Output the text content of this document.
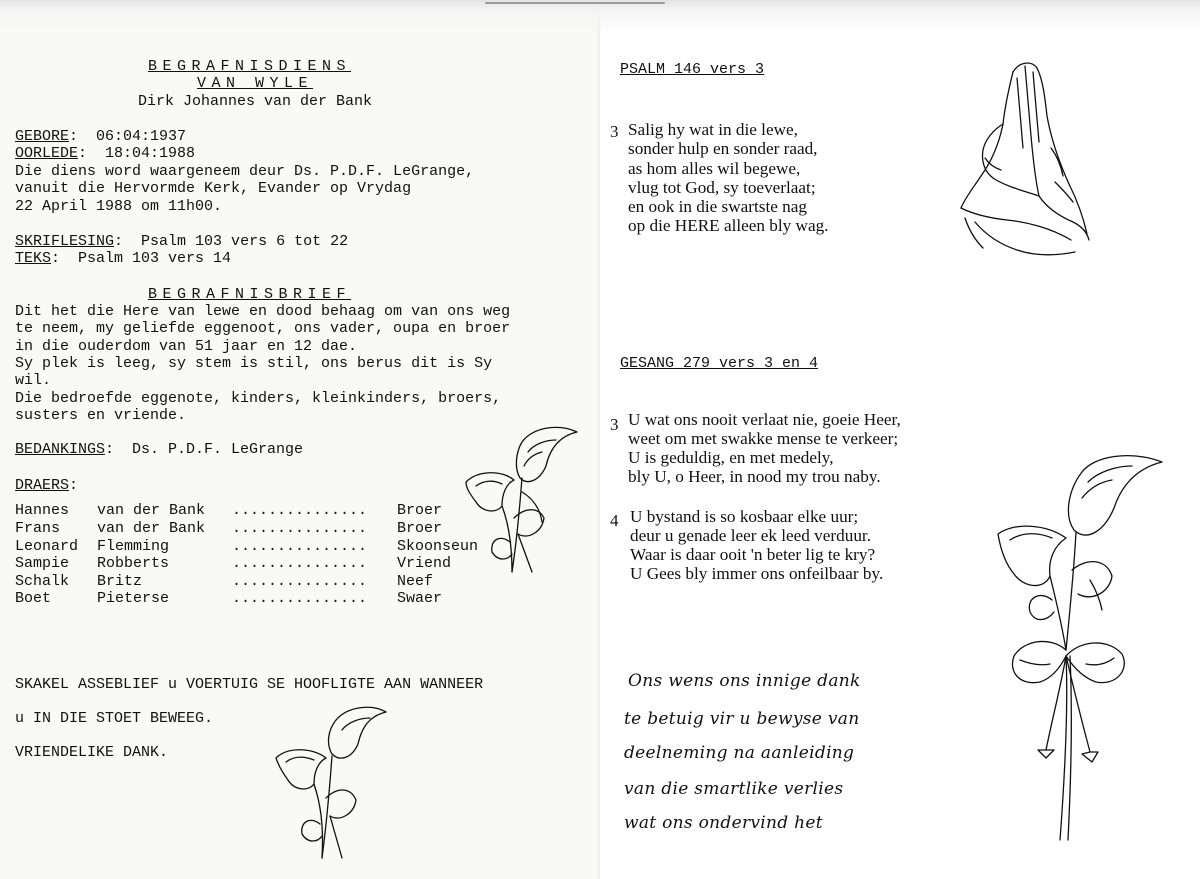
BEGRAFNISDIENS
VAN WYLE
Dirk Johannes van der Bank
GEBORE:  06:04:1937
OORLEDE:  18:04:1988
Die diens word waargeneem deur Ds. P.D.F. LeGrange,
vanuit die Hervormde Kerk, Evander op Vrydag
22 April 1988 om 11h00.
SKRIFLESING:  Psalm 103 vers 6 tot 22
TEKS:  Psalm 103 vers 14
BEGRAFNISBRIEF
Dit het die Here van lewe en dood behaag om van ons weg
te neem, my geliefde eggenoot, ons vader, oupa en broer
in die ouderdom van 51 jaar en 12 dae.
Sy plek is leeg, sy stem is stil, ons berus dit is Sy
wil.
Die bedroefde eggenote, kinders, kleinkinders, broers,
susters en vriende.
BEDANKINGS:  Ds. P.D.F. LeGrange
DRAERS:
Hannes van der Bank ............... Broer
Frans van der Bank ............... Broer
Leonard Flemming	............... Skoonseun
Sampie Robberts	............... Vriend
Schalk Britz	............... Neef
Boet	Pieterse	............... Swaer
SKAKEL ASSEBLIEF u VOERTUIG SE HOOFLIGTE AAN WANNEER
u IN DIE STOET BEWEEG.
VRIENDELIKE DANK.
PSALM 146 vers 3
3 Salig hy wat in die lewe,
sonder hulp en sonder raad,
as hom alles wil begewe,
vlug tot God, sy toeverlaat;
en ook in die swartste nag
op die HERE alleen bly wag.
GESANG 279 vers 3 en 4
3 U wat ons nooit verlaat nie, goeie Heer,
weet om met swakke mense te verkeer;
U is geduldig, en met medely,
bly U, o Heer, in nood my trou naby.
4 U bystand is so kosbaar elke uur;
deur u genade leer ek leed verduur.
Waar is daar ooit 'n beter lig te kry?
U Gees bly immer ons onfeilbaar by.
Ons wens ons innige dank
te betuig vir u bewyse van
deelneming na aanleiding
van die smartlike verlies
wat ons ondervind het
